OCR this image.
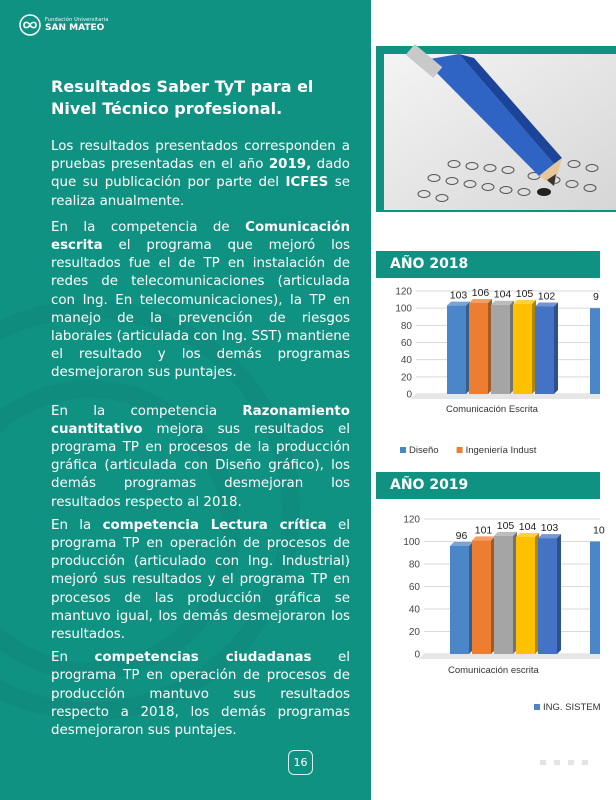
Fundación Universitaria
SAN MATEO
Resultados Saber TyT para el Nivel Técnico profesional.

Los resultados presentados corresponden a pruebas presentadas en el año 2019, dado que su publicación por parte del ICFES se realiza anualmente.

En la competencia de Comunicación escrita el programa que mejoró los resultados fue el de TP en instalación de redes de telecomunicaciones (articulada con Ing. En telecomunicaciones), la TP en manejo de la prevención de riesgos laborales (articulada con Ing. SST) mantiene el resultado y los demás programas desmejoraron sus puntajes.

En la competencia Razonamiento cuantitativo mejora sus resultados el programa TP en procesos de la producción gráfica (articulada con Diseño gráfico), los demás programas desmejoran los resultados respecto al 2018.

En la competencia Lectura crítica el programa TP en operación de procesos de producción (articulado con Ing. Industrial) mejoró sus resultados y el programa TP en procesos de las producción gráfica se mantuvo igual, los demás desmejoraron los resultados.

En competencias ciudadanas el programa TP en operación de procesos de producción mantuvo sus resultados respecto a 2018, los demás programas desmejoraron sus puntajes.

16
AÑO 2018
0
20
40
60
80
100
120	103 106 104 105 102	9
Comunicación Escrita
Diseño	Ingeniería Indust
AÑO 2019
0
20
40
60
80
100
120
96 101 105 104 103	10
Comunicación escrita
ING. SISTEM
